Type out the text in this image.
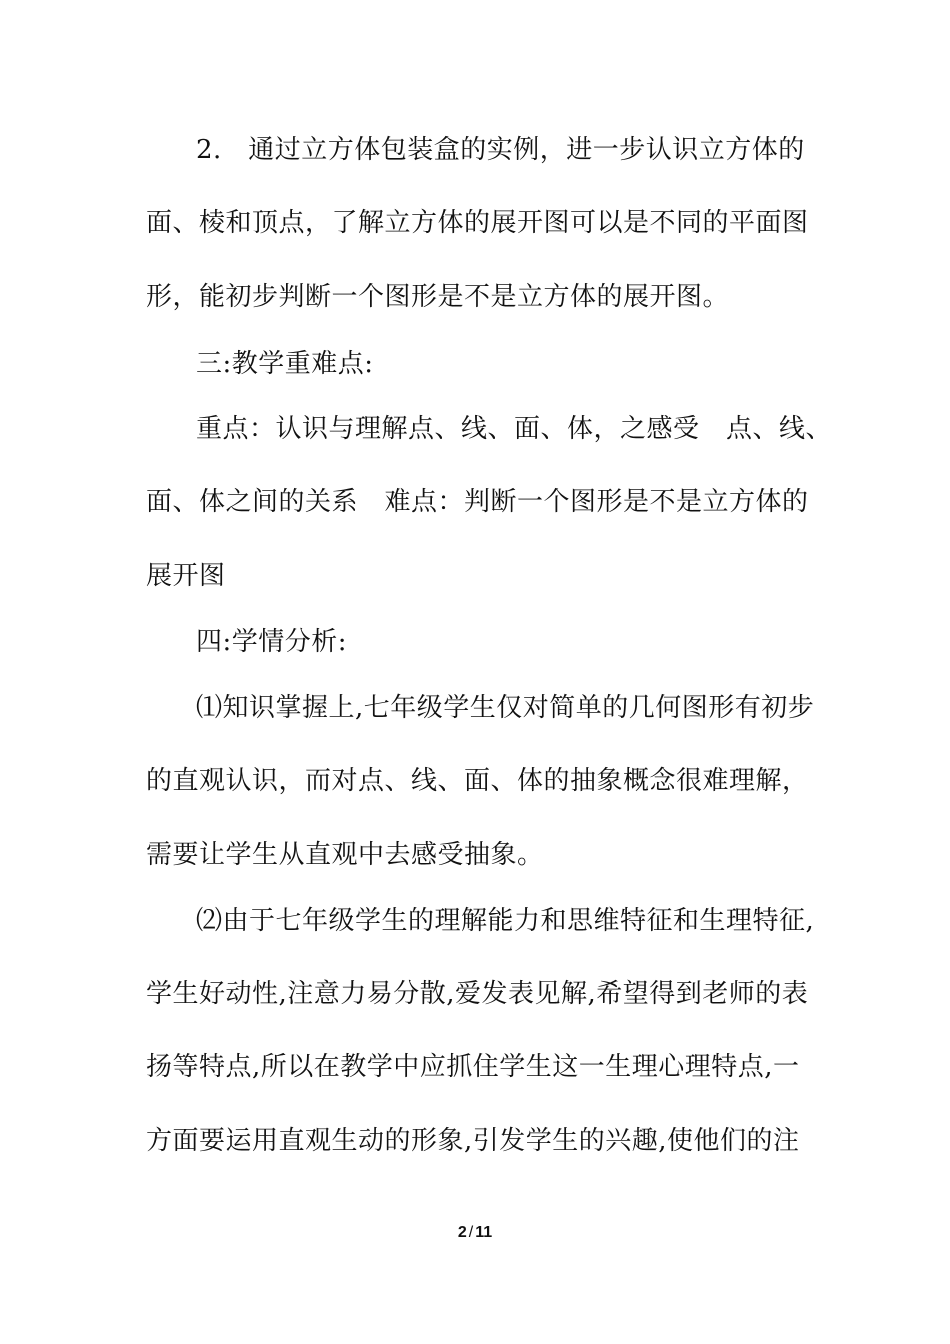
2.　通过立方体包装盒的实例，进一步认识立方体的
面、棱和顶点，了解立方体的展开图可以是不同的平面图
形，能初步判断一个图形是不是立方体的展开图。
三:教学重难点:
重点：认识与理解点、线、面、体，之感受　点、线、
面、体之间的关系　难点：判断一个图形是不是立方体的
展开图
四:学情分析:
⑴知识掌握上,七年级学生仅对简单的几何图形有初步
的直观认识，而对点、线、面、体的抽象概念很难理解，
需要让学生从直观中去感受抽象。
⑵由于七年级学生的理解能力和思维特征和生理特征,
学生好动性,注意力易分散,爱发表见解,希望得到老师的表
扬等特点,所以在教学中应抓住学生这一生理心理特点,一
方面要运用直观生动的形象,引发学生的兴趣,使他们的注
2 / 11
